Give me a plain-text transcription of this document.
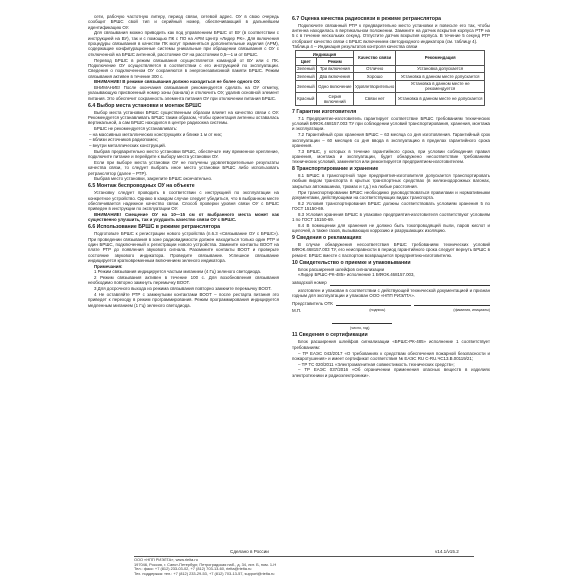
сети, рабочую частотную литеру, период связи, сетевой адрес. ОУ в свою очередь сообщит БРШС свой тип и серийный номер, обеспечивающий в дальнейшем идентификацию ОУ.

Для связывания можно приводить как под управлением БРШС от ВУ (в соответствии с инструкцией на ВУ), так и с помощью ПК с ПО на АРМ Центр «Лидер РК». Для включения процедуры связывания в качестве ПК могут применяться дополнительные изделия (АРМ), содержащие конфигурационные системы уникальные при обращении связывания с ОУ с отключенной на БРШС антенной, расстояние ОУ на расстоянии 0,5—1 м от БРШС.

Перевод БРШС в режим связывания осуществляется командой от ВУ или с ПК. Подключение ОУ осуществляется в соответствии с его инструкцией по эксплуатации. Сведения о подключенном ОУ сохраняются в энергонезависимой памяти БРШС. Режим связывания активен в течение 300 с.

ВНИМАНИЕ! В режиме связывания должно находиться не более одного ОУ.

ВНИМАНИЕ! После окончания связывания рекомендуется сделать на ОУ отметку, указывающую присвоенный номер зоны (канала) и отключить ОУ, удалив основной элемент питания. Это обеспечит сохранность элемента питания ОУ при отключении питания БРШС.

6.4 Выбор места установки и монтаж БРШС

Выбор места установки БРШС существенным образом влияет на качество связи с ОУ. Рекомендуется устанавливать БРШС таким образом, чтобы ориентация антенны оставалась вертикальной, а сам БРШС находился в центре радиоокна системы.

БРШС не рекомендуется устанавливать:

– на массивных металлических конструкциях и ближе 1 м от них;

– вблизи источников радиопомех;

– внутри металлических конструкций.

Выбрав предварительно место установки БРШС, обеспечьте ему временное крепление, подключите питание и перейдите к выбору места установки ОУ.

Если при выборе места установки ОУ не получены удовлетворительные результаты качества связи, то следует выбрать иное место установки БРШС либо использовать ретранслятор (далее – РТР).

Выбрав место установки, закрепите БРШС окончательно.

6.5 Монтаж беспроводных ОУ на объекте

Установку следует проводить в соответствии с инструкцией по эксплуатации на конкретное устройство. Однако в каждом случае следует убедиться, что в выбранном месте обеспечивается надежное качество связи. Способ проверки уровня связи ОУ с БРШС приведен в инструкции по эксплуатации ОУ.

ВНИМАНИЕ! Смещение ОУ на 10—15 см от выбранного места может как существенно улучшить, так и ухудшить качество связи ОУ с БРШС.

6.6 Использование БРШС в режиме ретранслятора

Подготовьте БРШС к регистрации нового устройства (п.6.3 «Связывание ОУ с БРШС»). При проведении связывания в зоне радиовидимости должен находиться только один РТР и один БРШС, подключенный к регистрации нового устройства. Замкните контакты ВООТ на плате РТР до появления звукового сигнала. Разомкните контакты ВООТ и проверьте состояние звукового индикатора. Проведите связывание. Успешное связывание индицируется кратковременным включением зеленого индикатора.

Примечания:

1 Режим связывания индицируется частым миганием (4 Гц) зеленого светодиода.

2 Режим связывания активен в течение 100 с. Для возобновления связывания необходимо повторно замкнуть перемычку ВООТ.

3 Для досрочного выхода из режима связывания повторно замкните перемычку ВООТ.

4 Не оставляйте РТР с замкнутыми контактами ВООТ – после рестарта питания это приведет к переходу в режим программирования. Режим программирования индицируется медленным миганием (1 Гц) зеленого светодиода.

6.7 Оценка качества радиосвязи в режиме ретранслятора

Подключите связанный РТР к предварительно место установки и повесьте его так, чтобы антенна находилась в вертикальном положении. Замкните на датчик вскрытия корпуса РТР на 5 с в течение нескольких секунд. Отпустите датчик вскрытия корпуса. В течение 5 секунд РТР отобразит качество связи с БРШС включением светодиодного индикатора (см. таблицу 4).

Таблица 4 – Индикация результатов контроля качества связи

Индикация		Качество связи	Рекомендация
Цвет	Режим		
Зеленый	Три включения	Отлично	Установка допускается
Зеленый	Два включения	Хорошо	Установка в данном месте допускается
Зеленый	Одно включение	Удовлетворительно	Установка в данном месте не рекомендуется
Красный	Серия включений	Связи нет	Установка в данном месте не допускается
7 Гарантии изготовителя

7.1 Предприятие-изготовитель гарантирует соответствие БРШС требованиям технических условий БФЮК.468157.003 ТУ при соблюдении условий транспортирования, хранения, монтажа и эксплуатации.

7.2 Гарантийный срок хранения БРШС – 63 месяца со дня изготовления. Гарантийный срок эксплуатации – 60 месяцев со дня ввода в эксплуатацию в пределах гарантийного срока хранения.

7.3 БРШС, у которых в течение гарантийного срока, при условии соблюдения правил хранения, монтажа и эксплуатации, будет обнаружено несоответствие требованиям технических условий, заменяется или ремонтируется предприятием-изготовителем.

8 Транспортирование и хранение

8.1 БРШС в транспортной таре предприятия-изготовителя допускается транспортировать любым видом транспорта в крытых транспортных средствах (в железнодорожных вагонах, закрытых автомашинах, трюмах и т.д.) на любые расстояния.

При транспортировании БРШС необходимо руководствоваться правилами и нормативными документами, действующими на соответствующих видах транспорта.

8.2 Условия транспортирования БРШС должны соответствовать условиям хранения 5 по ГОСТ 15150-69.

8.3 Условия хранения БРШС в упаковке предприятия-изготовителя соответствуют условиям 1 по ГОСТ 15150-69.

8.4 В помещении для хранения не должно быть токопроводящей пыли, паров кислот и щелочей, а также газов, вызывающих коррозию и разрушающих изоляцию.

9 Сведения о рекламациях

В случае обнаружения несоответствия БРШС требованиям технических условий БФЮК.468157.003 ТУ, его неисправности в период гарантийного срока следует вернуть БРШС в ремонт. БРШС вместе с паспортом возвращается предприятию-изготовителю.

10 Свидетельство о приемке и упаковывании

Блок расширения шлейфов сигнализации

«Лидер БРШС-РК-485» исполнение 1 БФЮК.468157.003,

заводской номер

изготовлен и упакован в соответствии с действующей технической документацией и признан годным для эксплуатации и упакован ООО «НПП РИЭЛТА».

Представитель ОТК
М.П.	(подпись)	(фамилия, инициалы)

(число, год)

11 Сведения о сертификации

Блок расширения шлейфов сигнализации «БРШС-РК-485» исполнение 1 соответствует требованиям:

– ТР ЕАЭС 043/2017 «О требованиях к средствам обеспечения пожарной безопасности и пожаротушения» и имеет сертификат соответствия № ЕАЭС RU C-RU.ЧС13.В.00119/21;

– ТР ТС 020/2011 «Электромагнитная совместимость технических средств»;

– ТР ЕАЭС 037/2016 «Об ограничении применения опасных веществ в изделиях электротехники и радиоэлектроники».

Сделано в России	v14.1/v15.2
ООО «НПП РИЭЛТА», www.rielta.ru
197046, Россия, г. Санкт-Петербург, Петроградская наб., д. 34, лит. Б, пом. 1-Н
Тел.: факс: +7 (812) 233-03-02, +7 (812) 703-13-60, rielta@rielta.ru
Тех. поддержка: тел.: +7 (812) 233-29-53, +7 (812) 703-13-57, support@rielta.ru
